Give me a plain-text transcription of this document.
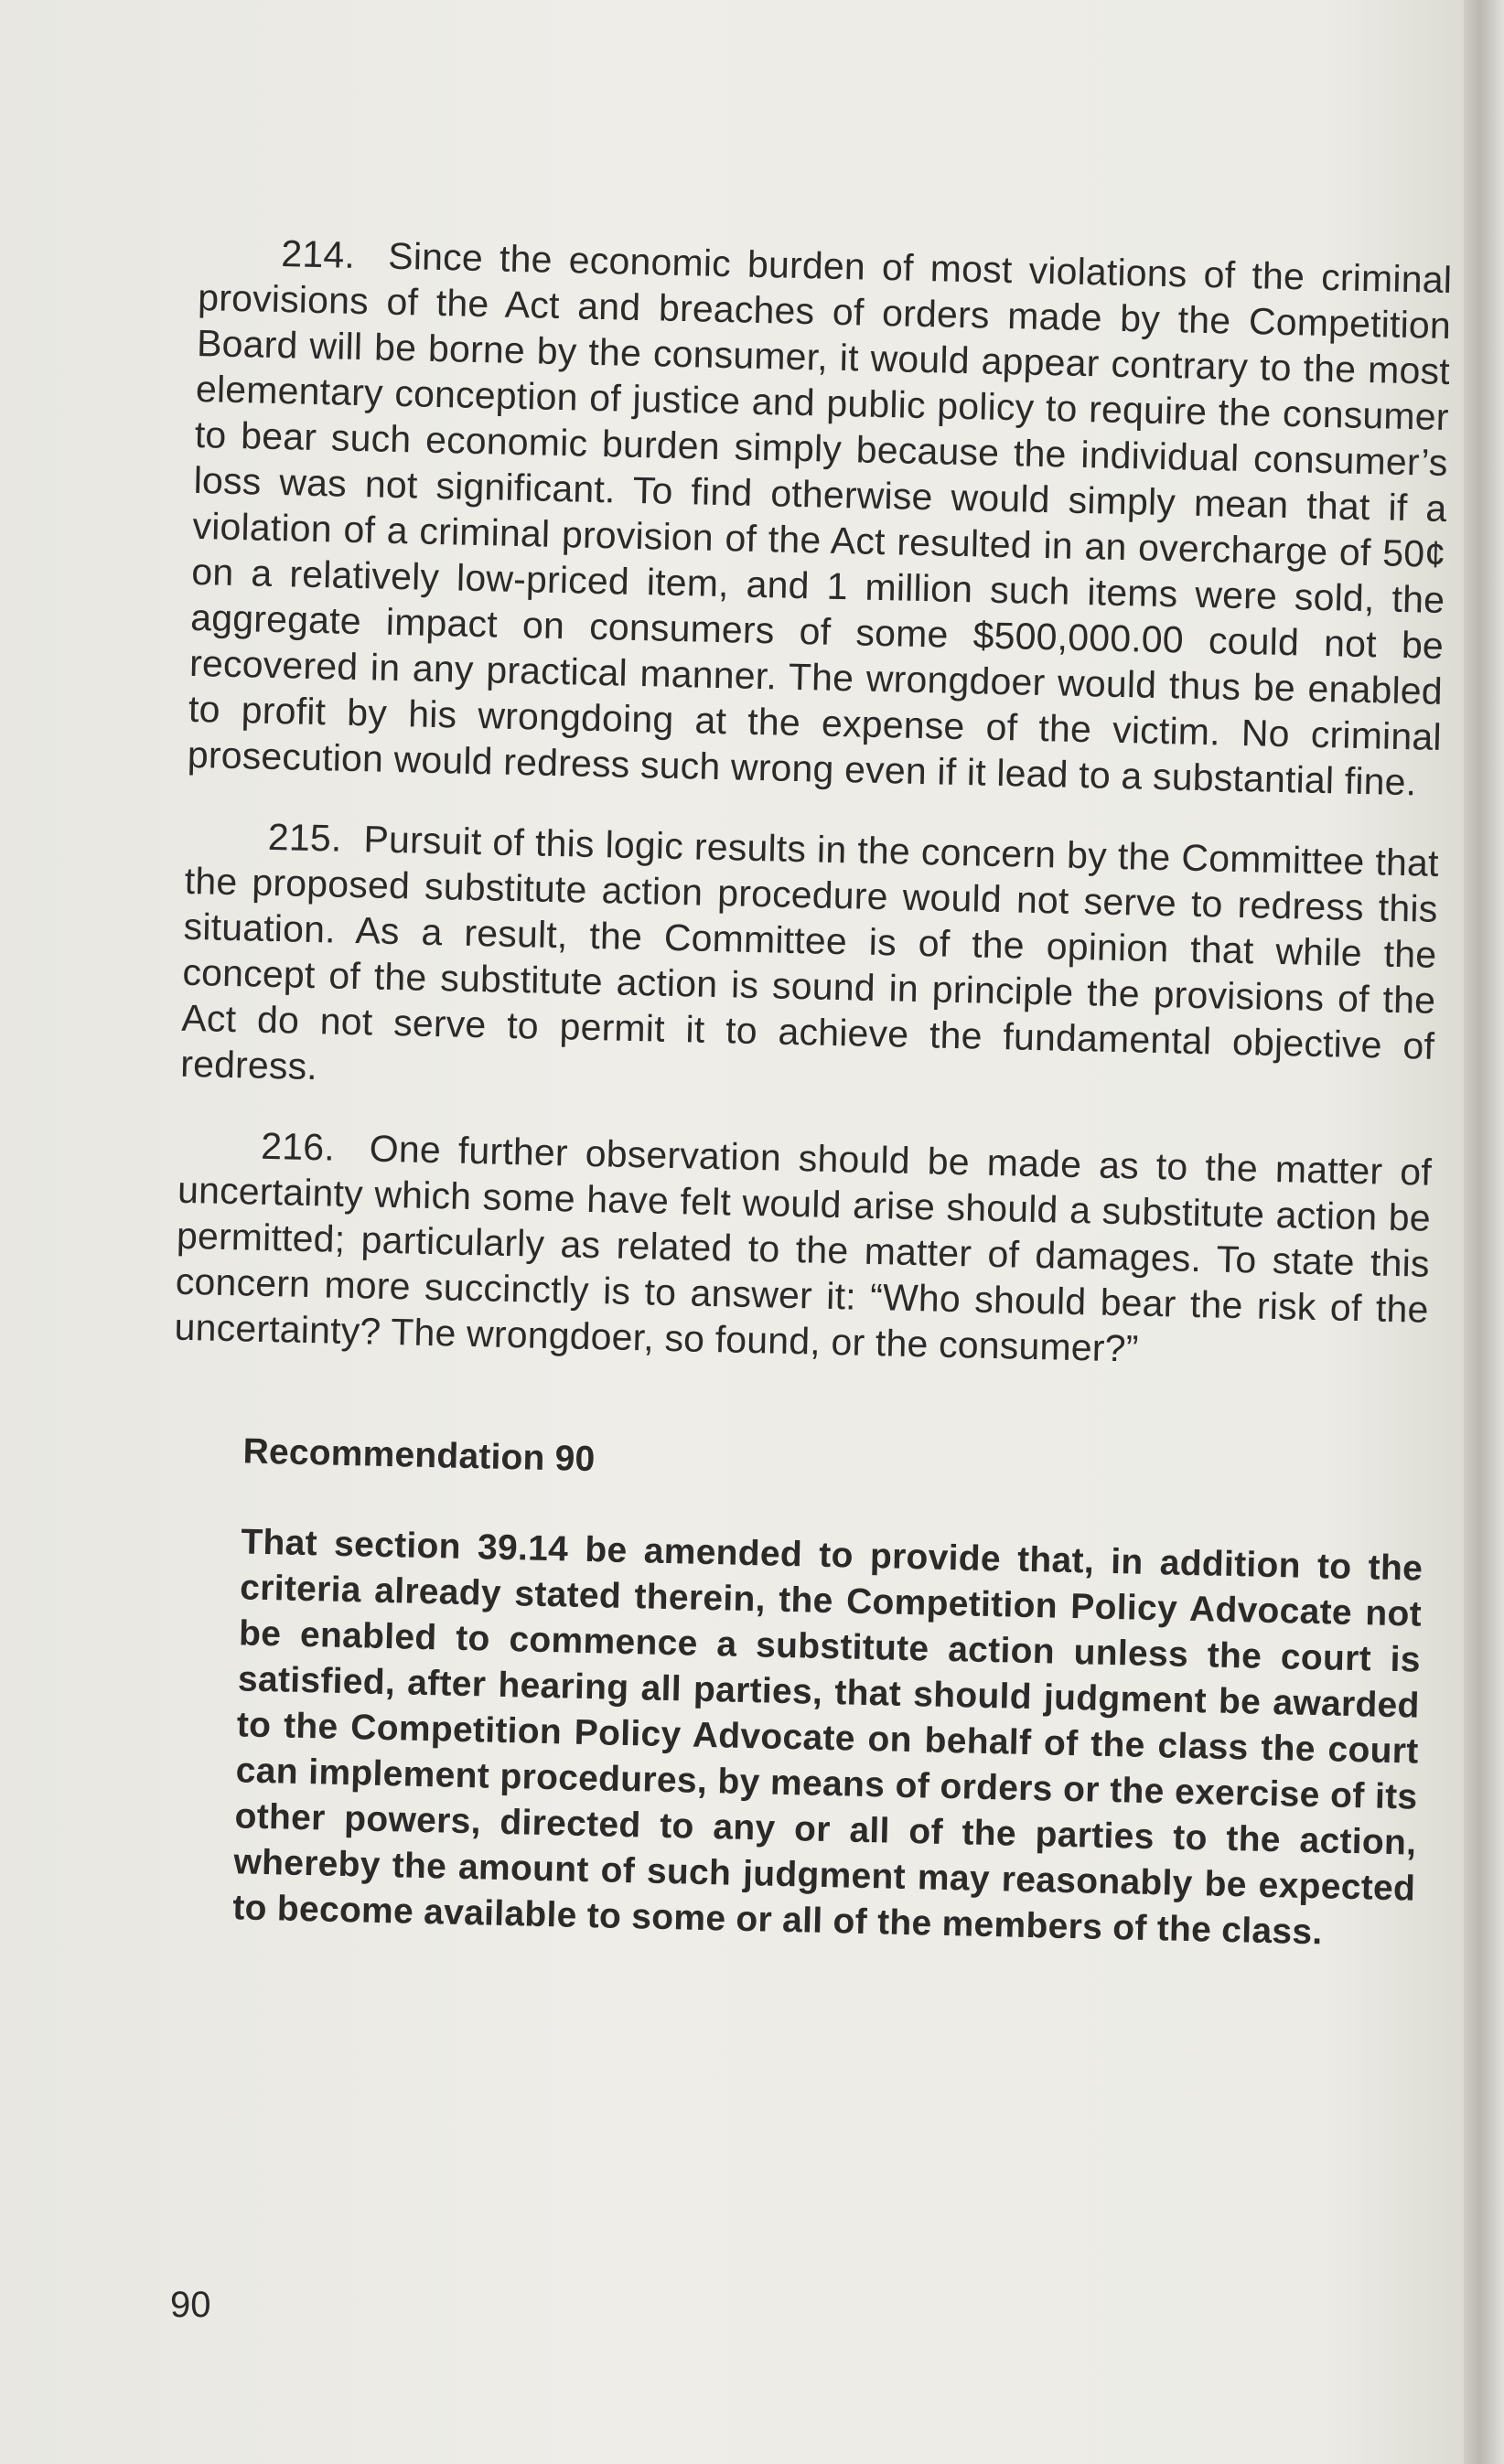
214. Since the economic burden of most violations of the criminal provisions of the Act and breaches of orders made by the Competition Board will be borne by the consumer, it would appear contrary to the most elementary conception of justice and public policy to require the consumer to bear such economic burden simply because the individual consumer’s loss was not significant. To find otherwise would simply mean that if a violation of a criminal provision of the Act resulted in an overcharge of 50¢ on a relatively low-priced item, and 1 million such items were sold, the aggregate impact on consumers of some $500,000.00 could not be recovered in any practical manner. The wrongdoer would thus be enabled to profit by his wrongdoing at the expense of the victim. No criminal prosecution would redress such wrong even if it lead to a substantial fine.

215. Pursuit of this logic results in the concern by the Committee that the proposed substitute action procedure would not serve to redress this situation. As a result, the Committee is of the opinion that while the concept of the substitute action is sound in principle the provisions of the Act do not serve to permit it to achieve the fundamental objective of redress.

216. One further observation should be made as to the matter of uncertainty which some have felt would arise should a substitute action be permitted; particularly as related to the matter of damages. To state this concern more succinctly is to answer it: “Who should bear the risk of the uncertainty? The wrongdoer, so found, or the consumer?”

Recommendation 90

That section 39.14 be amended to provide that, in addition to the criteria already stated therein, the Competition Policy Advocate not be enabled to commence a substitute action unless the court is satisfied, after hearing all parties, that should judgment be awarded to the Competition Policy Advocate on behalf of the class the court can implement procedures, by means of orders or the exercise of its other powers, directed to any or all of the parties to the action, whereby the amount of such judgment may reasonably be expected to become available to some or all of the members of the class.

90
